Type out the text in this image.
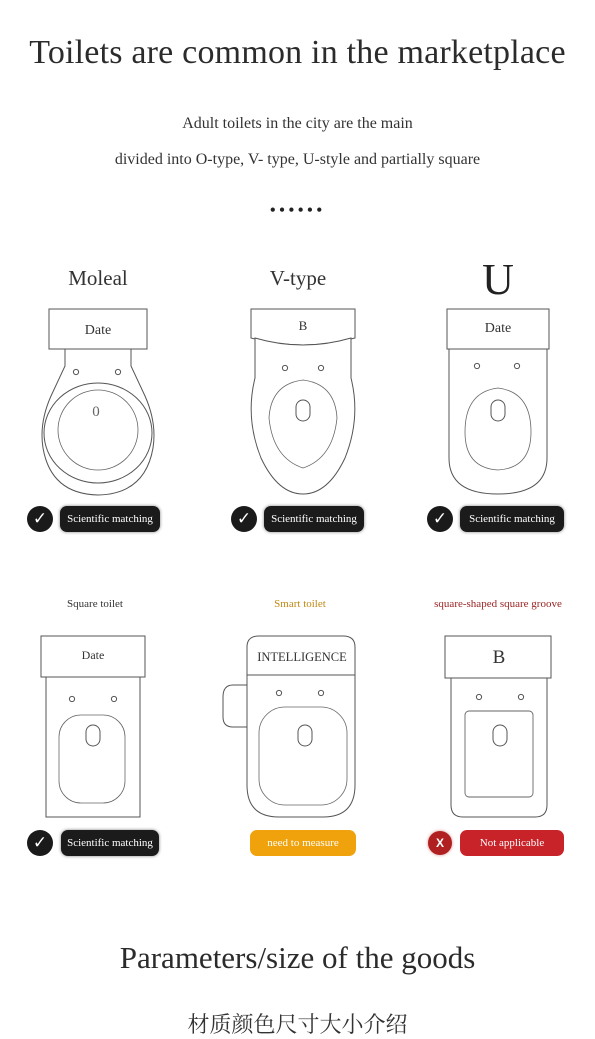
Toilets are common in the marketplace
Adult toilets in the city are the main
divided into O-type, V- type, U-style and partially square
••••••
Moleal
Date
0
✓	Scientific matching
V-type
B
✓	Scientific matching
U
Date
✓	Scientific matching
Square toilet
Date
✓	Scientific matching
Smart toilet
INTELLIGENCE
need to measure
square-shaped square groove
B
X	Not applicable
Parameters/size of the goods
材质颜色尺寸大小介绍
